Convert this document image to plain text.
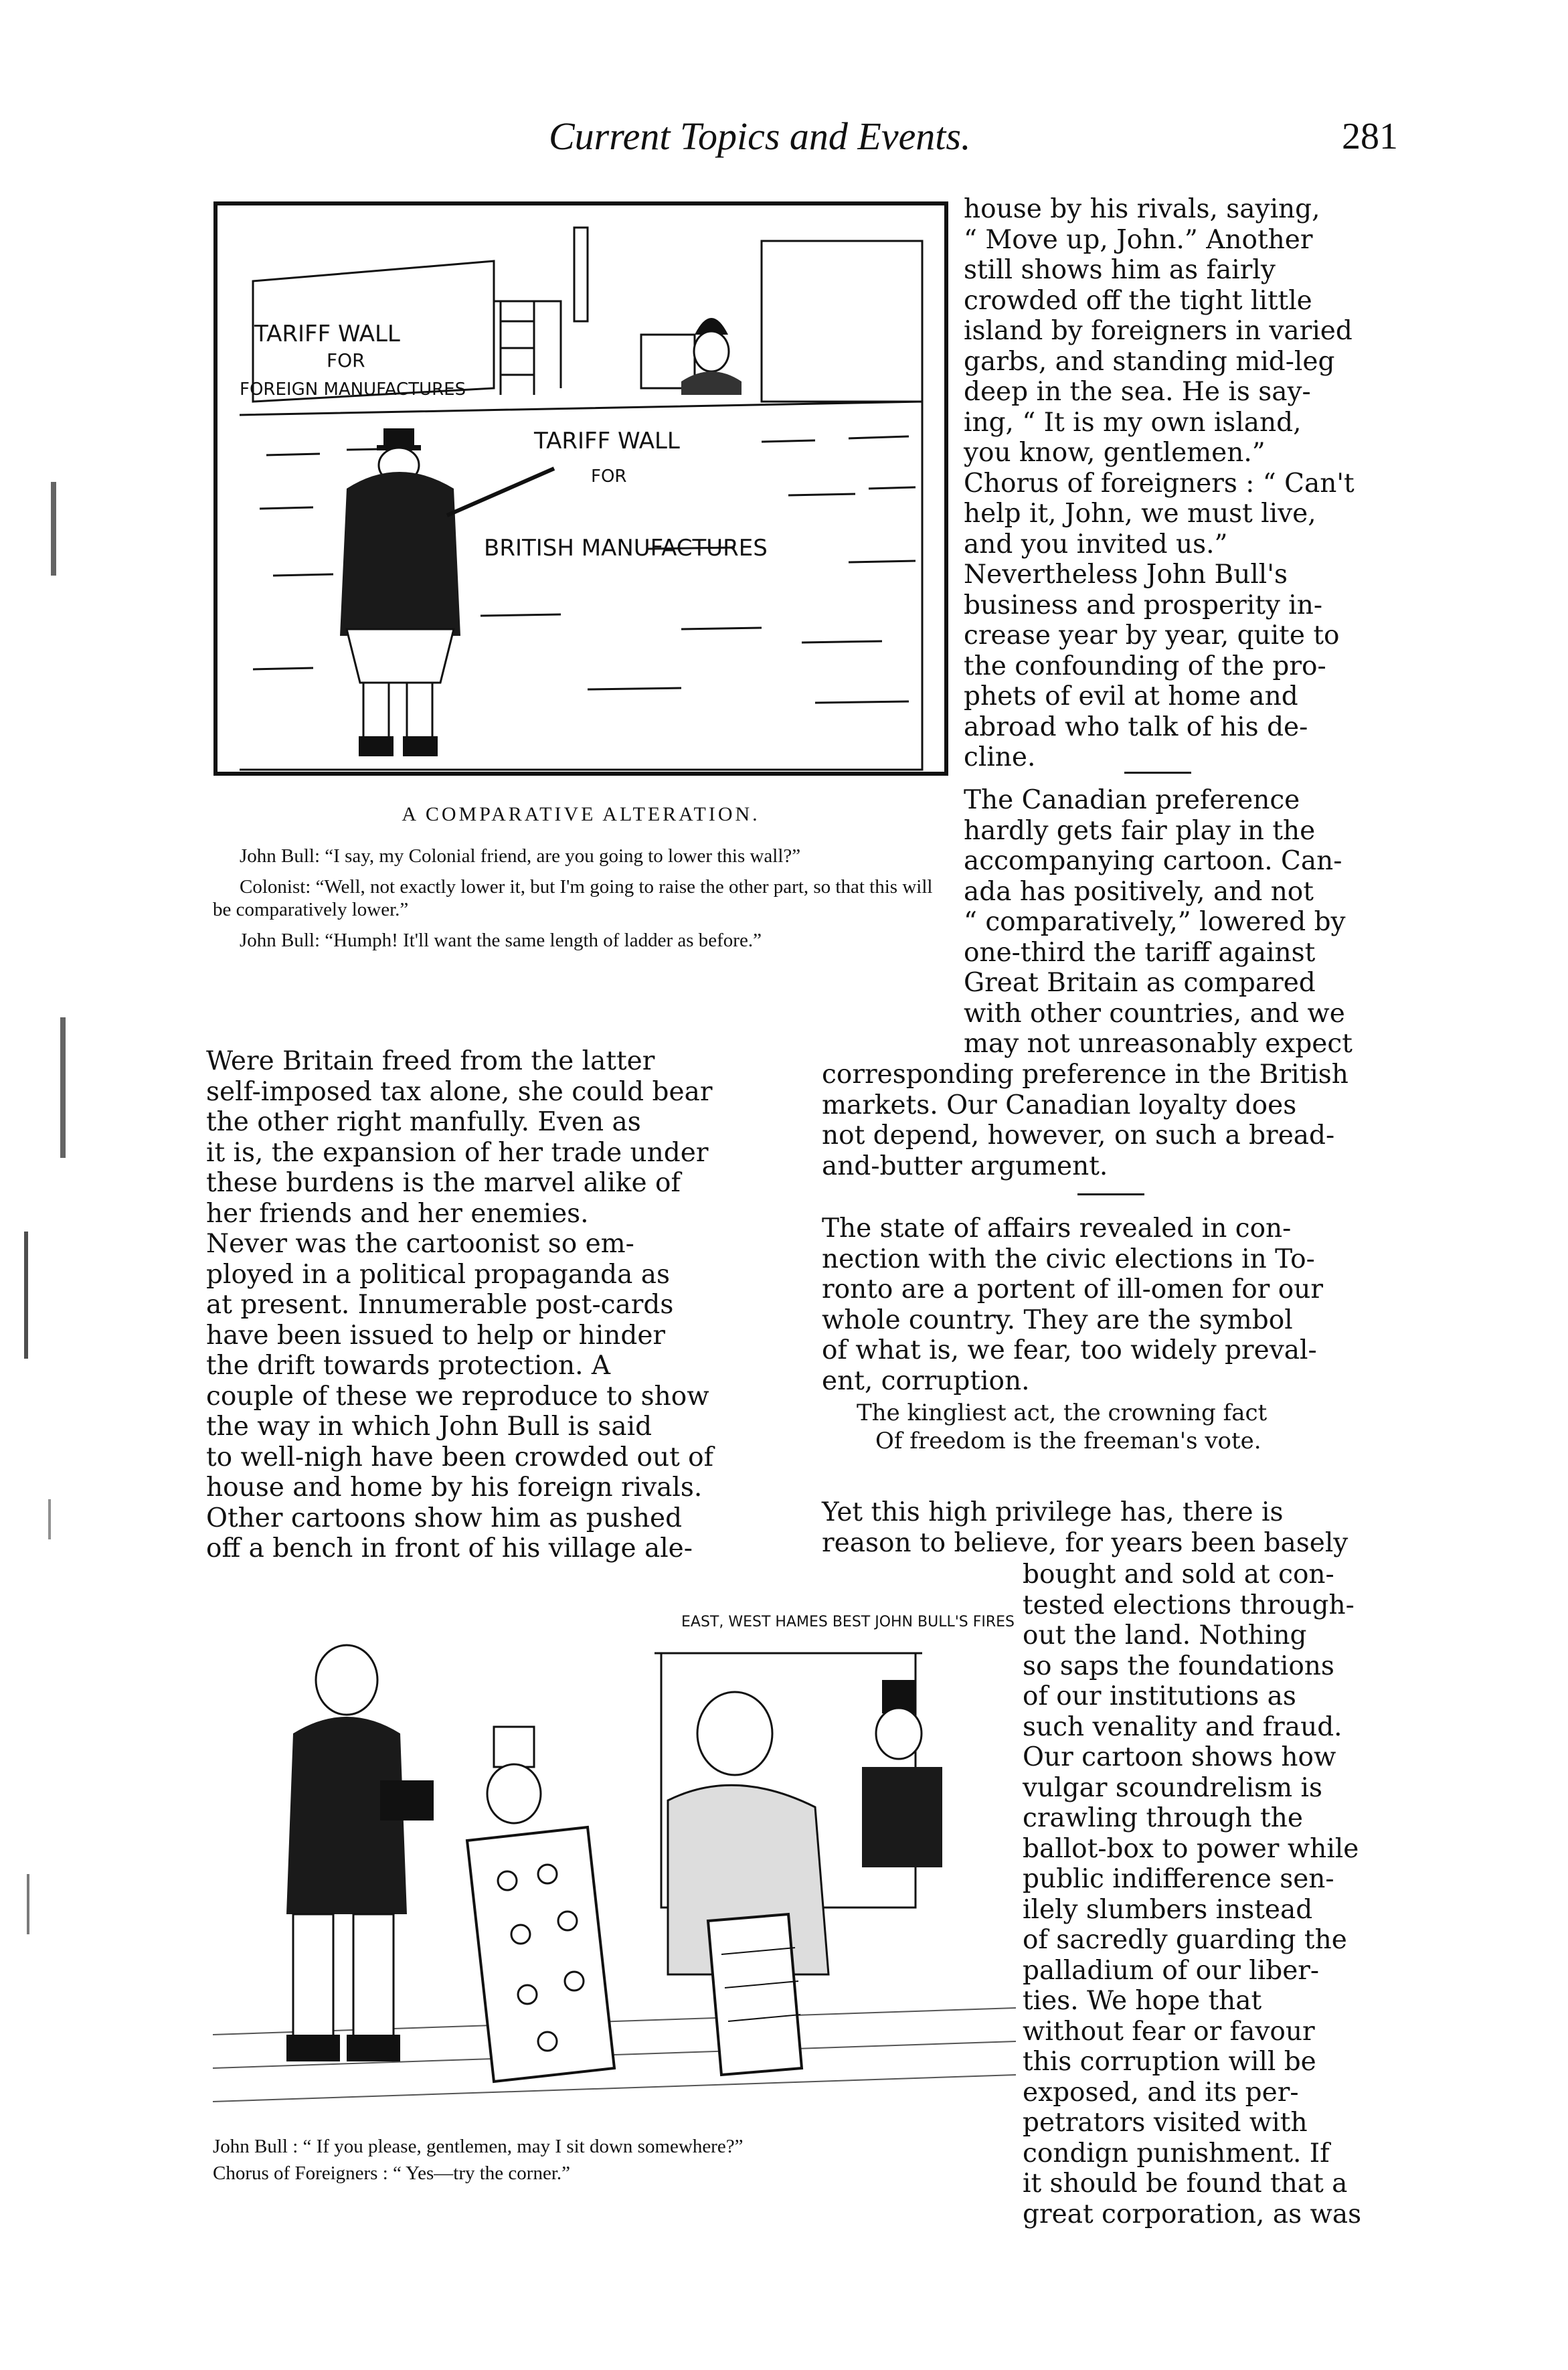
Current Topics and Events.	281
TARIFF WALL
FOR
FOREIGN MANUFACTURES
TARIFF WALL
FOR
BRITISH MANUFACTURES
A COMPARATIVE ALTERATION.

John Bull: “I say, my Colonial friend, are you going to lower this wall?”

Colonist: “Well, not exactly lower it, but I'm going to raise the other part, so that this will be comparatively lower.”

John Bull: “Humph! It'll want the same length of ladder as before.”

house by his rivals, saying,
“ Move up, John.” Another
still shows him as fairly
crowded off the tight little
island by foreigners in varied
garbs, and standing mid-leg
deep in the sea. He is say-
ing, “ It is my own island,
you know, gentlemen.”
Chorus of foreigners : “ Can't
help it, John, we must live,
and you invited us.”
Nevertheless John Bull's
business and prosperity in-
crease year by year, quite to
the confounding of the pro-
phets of evil at home and
abroad who talk of his de-
cline.

The Canadian preference
hardly gets fair play in the
accompanying cartoon. Can-
ada has positively, and not
“ comparatively,” lowered by
one-third the tariff against
Great Britain as compared
with other countries, and we
may not unreasonably expect

corresponding preference in the British
markets. Our Canadian loyalty does
not depend, however, on such a bread-
and-butter argument.

The state of affairs revealed in con-
nection with the civic elections in To-
ronto are a portent of ill-omen for our
whole country. They are the symbol
of what is, we fear, too widely preval-
ent, corruption.

The kingliest act, the crowning fact
Of freedom is the freeman's vote.

Yet this high privilege has, there is
reason to believe, for years been basely

bought and sold at con-
tested elections through-
out the land. Nothing
so saps the foundations
of our institutions as
such venality and fraud.
Our cartoon shows how
vulgar scoundrelism is
crawling through the
ballot-box to power while
public indifference sen-
ilely slumbers instead
of sacredly guarding the
palladium of our liber-
ties. We hope that
without fear or favour
this corruption will be
exposed, and its per-
petrators visited with
condign punishment. If
it should be found that a
great corporation, as was

Were Britain freed from the latter
self-imposed tax alone, she could bear
the other right manfully. Even as
it is, the expansion of her trade under
these burdens is the marvel alike of
her friends and her enemies.
Never was the cartoonist so em-
ployed in a political propaganda as
at present. Innumerable post-cards
have been issued to help or hinder
the drift towards protection. A
couple of these we reproduce to show
the way in which John Bull is said
to well-nigh have been crowded out of
house and home by his foreign rivals.
Other cartoons show him as pushed
off a bench in front of his village ale-

EAST, WEST HAMES BEST JOHN BULL'S FIRESIDE

John Bull : “ If you please, gentlemen, may I sit down somewhere?”

Chorus of Foreigners : “ Yes—try the corner.”
